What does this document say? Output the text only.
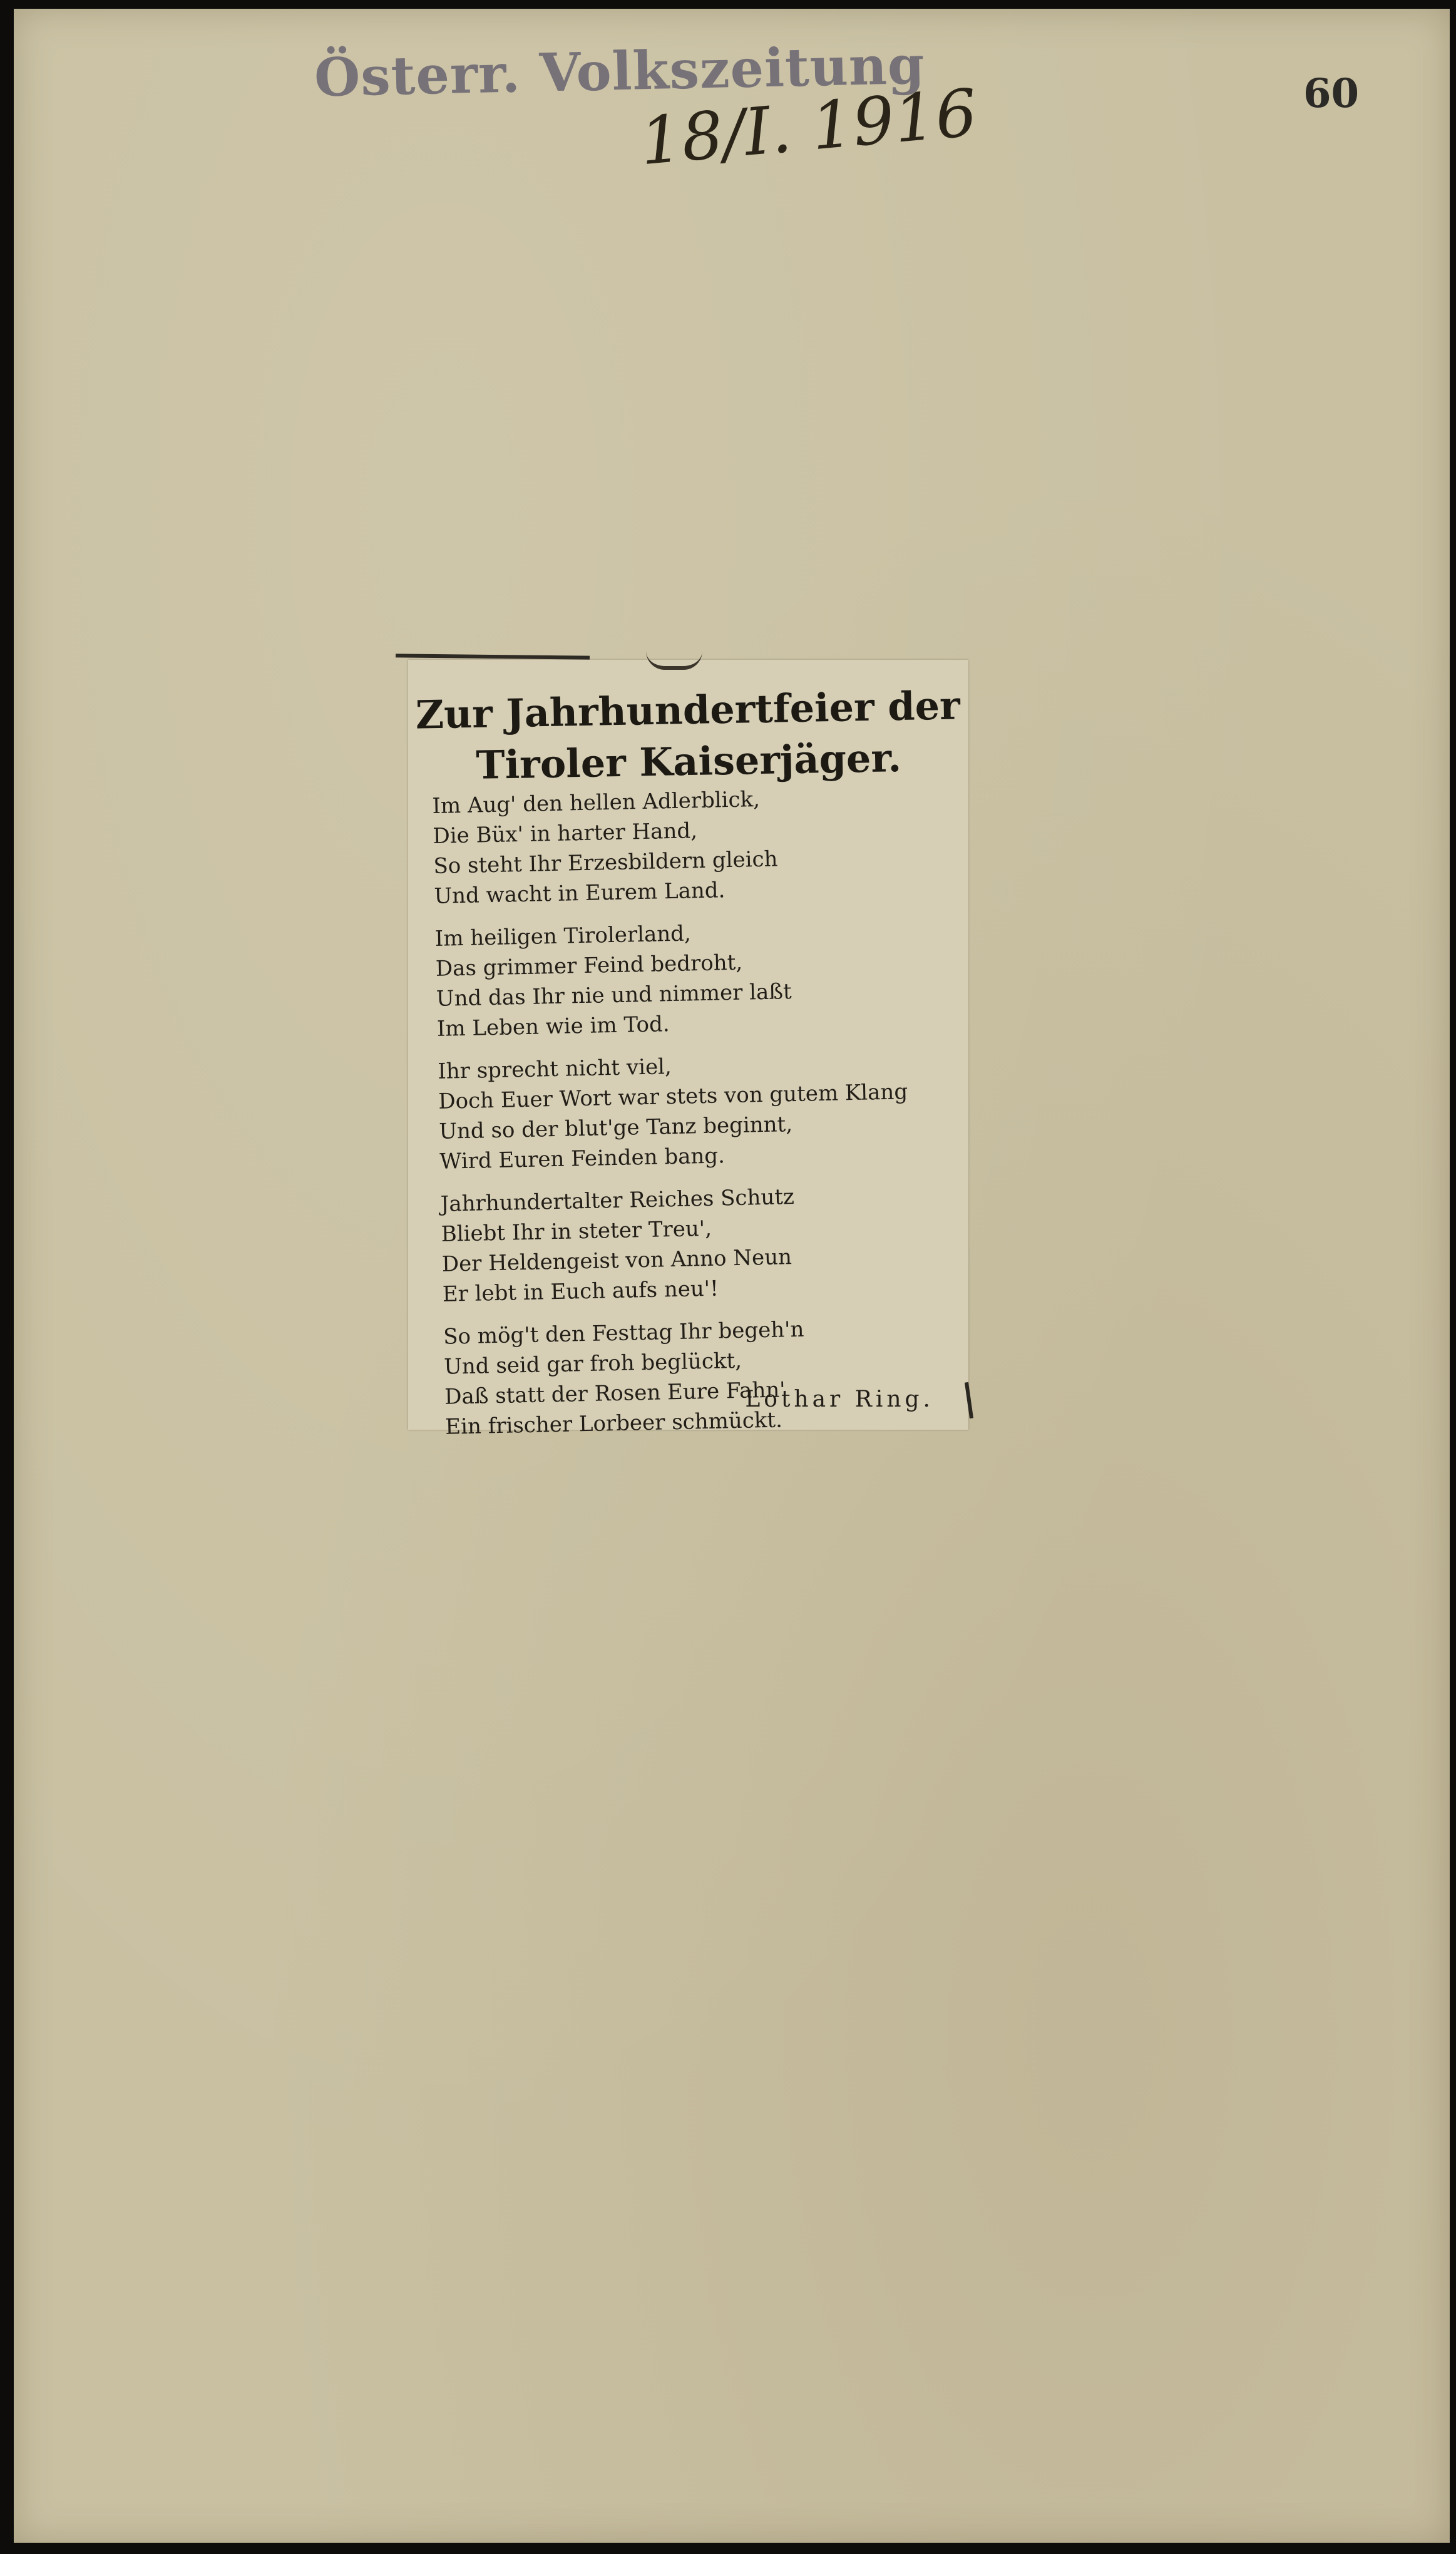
Österr. Volkszeitung
18/I. 1916	60
Zur Jahrhundertfeier der
Tiroler Kaiserjäger.
Im Aug' den hellen Adlerblick,
Die Büx' in harter Hand,
So steht Ihr Erzesbildern gleich
Und wacht in Eurem Land.
Im heiligen Tirolerland,
Das grimmer Feind bedroht,
Und das Ihr nie und nimmer laßt
Im Leben wie im Tod.
Ihr sprecht nicht viel,
Doch Euer Wort war stets von gutem Klang
Und so der blut'ge Tanz beginnt,
Wird Euren Feinden bang.
Jahrhundertalter Reiches Schutz
Bliebt Ihr in steter Treu',
Der Heldengeist von Anno Neun
Er lebt in Euch aufs neu'!
So mög't den Festtag Ihr begeh'n
Und seid gar froh beglückt,
Daß statt der Rosen Eure Fahn'
Ein frischer Lorbeer schmückt.
Lothar Ring.
